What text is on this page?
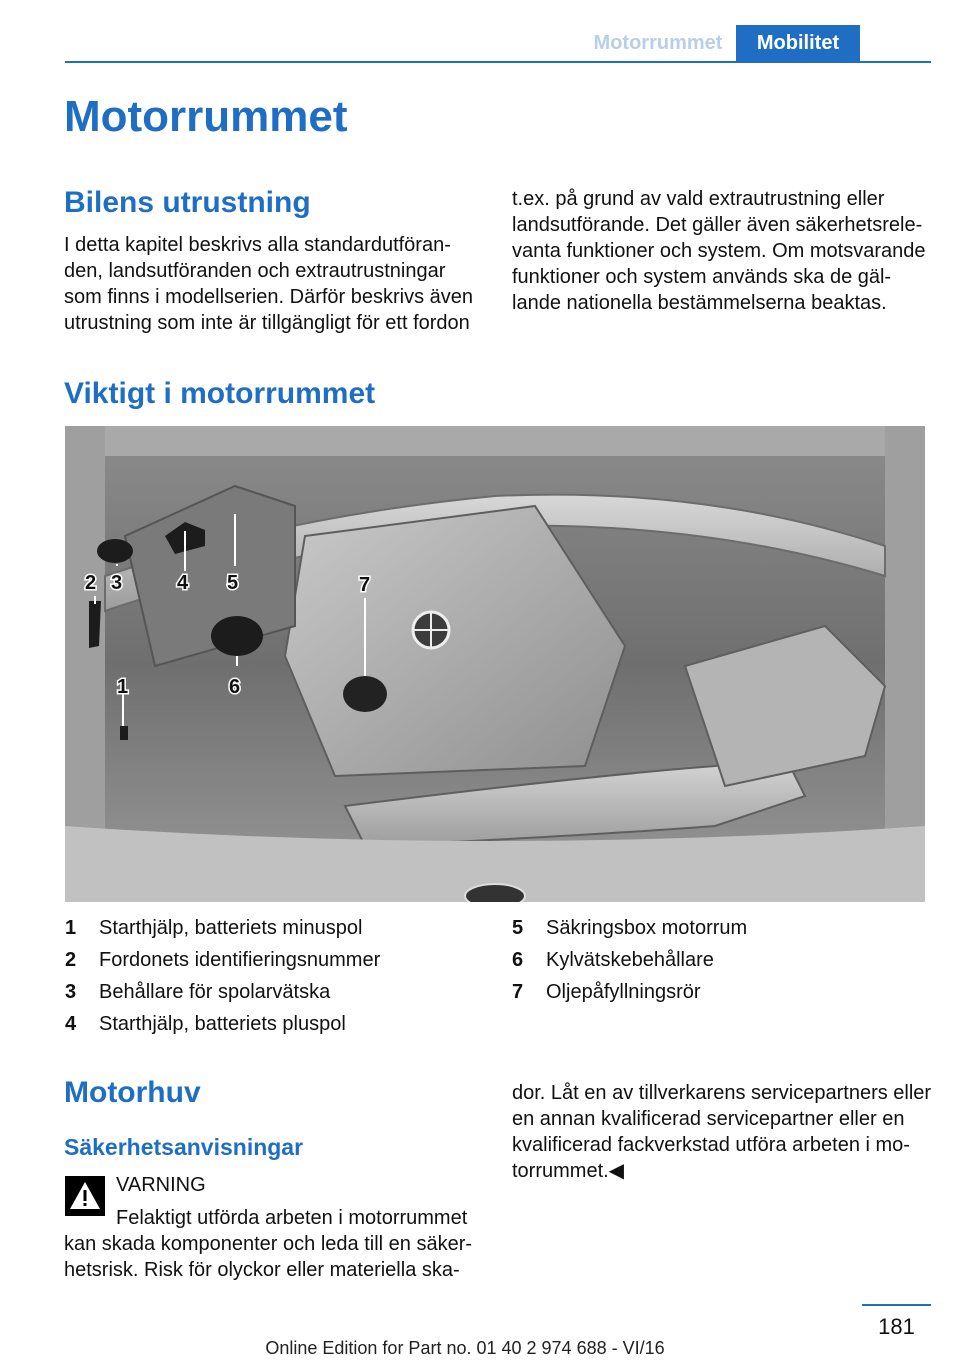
Motorrummet	Mobilitet
Motorrummet
Bilens utrustning

I detta kapitel beskrivs alla standardutföran-
den, landsutföranden och extrautrustningar
som finns i modellserien. Därför beskrivs även
utrustning som inte är tillgängligt för ett fordon

t.ex. på grund av vald extrautrustning eller
landsutförande. Det gäller även säkerhetsrele-
vanta funktioner och system. Om motsvarande
funktioner och system används ska de gäl-
lande nationella bestämmelserna beaktas.

Viktigt i motorrummet
1
2 3	4 5
6
7
1	Starthjälp, batteriets minuspol
2	Fordonets identifieringsnummer
3	Behållare för spolarvätska
4	Starthjälp, batteriets pluspol
5	Säkringsbox motorrum
6	Kylvätskebehållare
7	Oljepåfyllningsrör
Motorhuv
Säkerhetsanvisningar

VARNING

Felaktigt utförda arbeten i motorrummet

kan skada komponenter och leda till en säker-
hetsrisk. Risk för olyckor eller materiella ska-

dor. Låt en av tillverkarens servicepartners eller
en annan kvalificerad servicepartner eller en
kvalificerad fackverkstad utföra arbeten i mo-
torrummet.◀

181
Online Edition for Part no. 01 40 2 974 688 - VI/16
